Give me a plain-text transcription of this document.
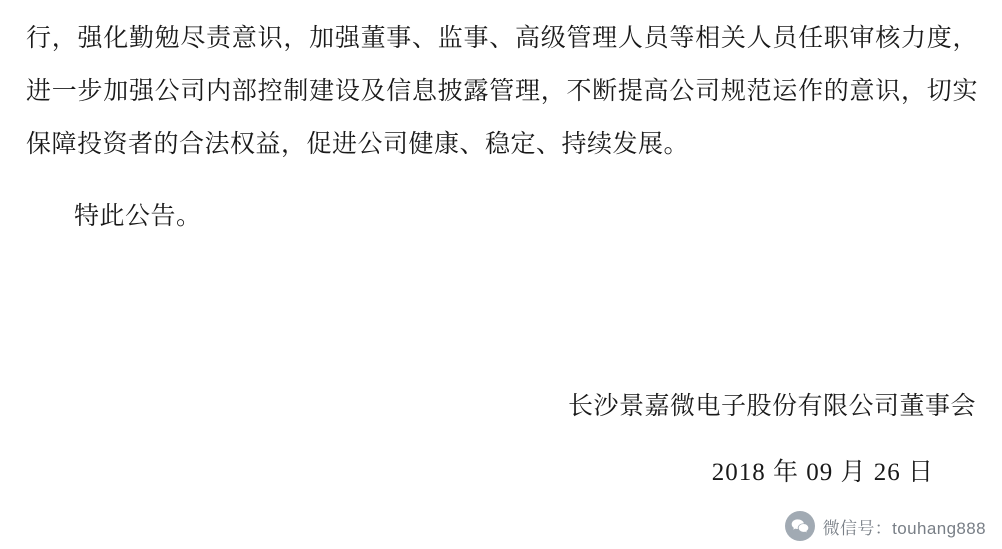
行，强化勤勉尽责意识，加强董事、监事、高级管理人员等相关人员任职审核力度，进一步加强公司内部控制建设及信息披露管理，不断提高公司规范运作的意识，切实保障投资者的合法权益，促进公司健康、稳定、持续发展。
特此公告。
长沙景嘉微电子股份有限公司董事会
2018 年 09 月 26 日
微信号：touhang888
